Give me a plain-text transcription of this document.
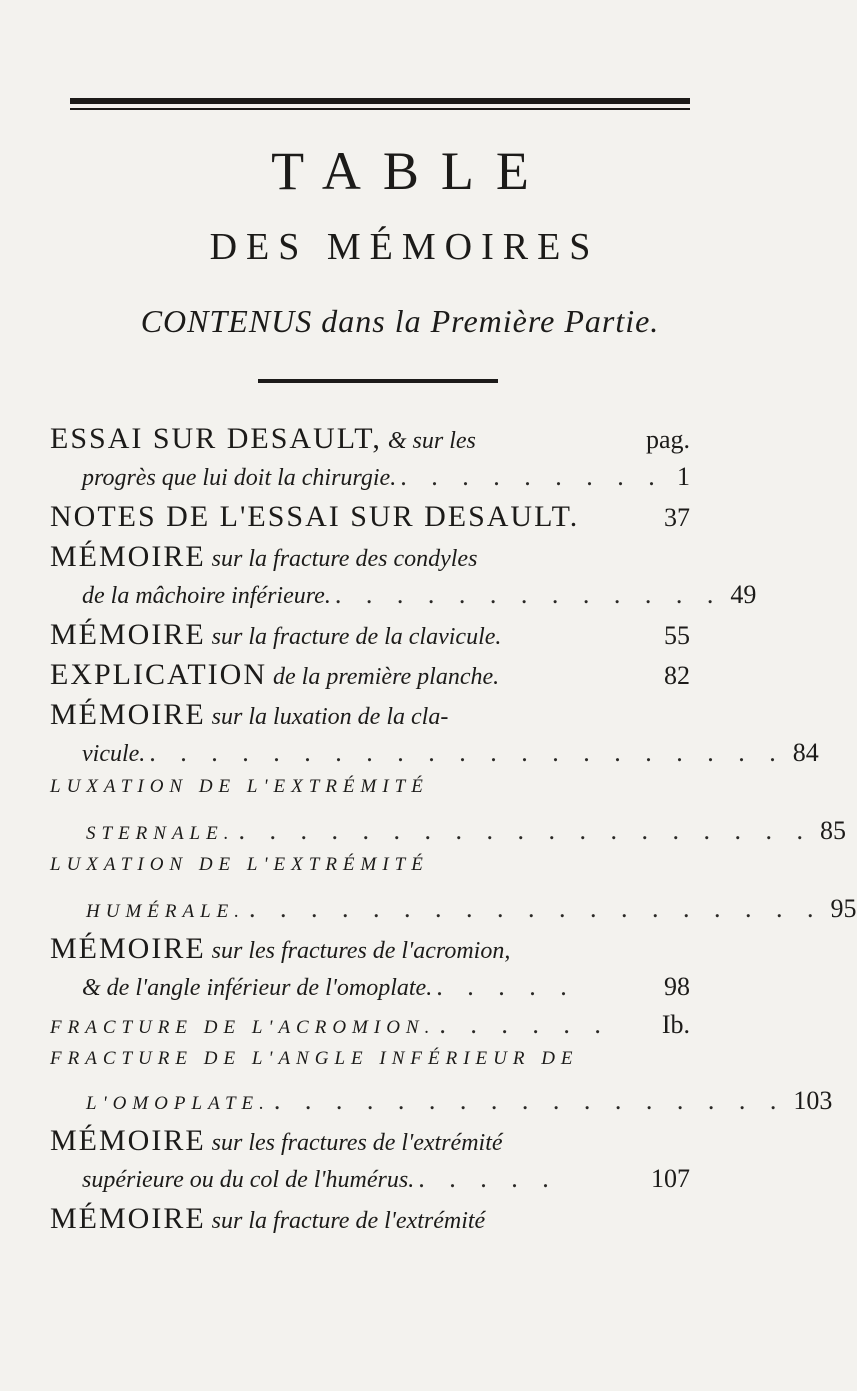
TABLE
DES MÉMOIRES
CONTENUS dans la Première Partie.
ESSAI SUR DESAULT, & sur les	pag.
progrès que lui doit la chirurgie. . . . . . . . . . 1
NOTES DE L'ESSAI SUR DESAULT.	37
MÉMOIRE sur la fracture des condyles
de la mâchoire inférieure. . . . . . . . . . . . . . 49
MÉMOIRE sur la fracture de la clavicule.	55
EXPLICATION de la première planche.	82
MÉMOIRE sur la luxation de la cla-
vicule. . . . . . . . . . . . . . . . . . . . . . 84
LUXATION DE L'EXTRÉMITÉ
STERNALE. . . . . . . . . . . . . . . . . . . . 85
LUXATION DE L'EXTRÉMITÉ
HUMÉRALE. . . . . . . . . . . . . . . . . . . . 95
MÉMOIRE sur les fractures de l'acromion,
& de l'angle inférieur de l'omoplate. . . . . .	98
FRACTURE DE L'ACROMION. . . . . . .	Ib.
FRACTURE DE L'ANGLE INFÉRIEUR DE
L'OMOPLATE. . . . . . . . . . . . . . . . . . 103
MÉMOIRE sur les fractures de l'extrémité
supérieure ou du col de l'humérus. . . . . .	107
MÉMOIRE sur la fracture de l'extrémité
